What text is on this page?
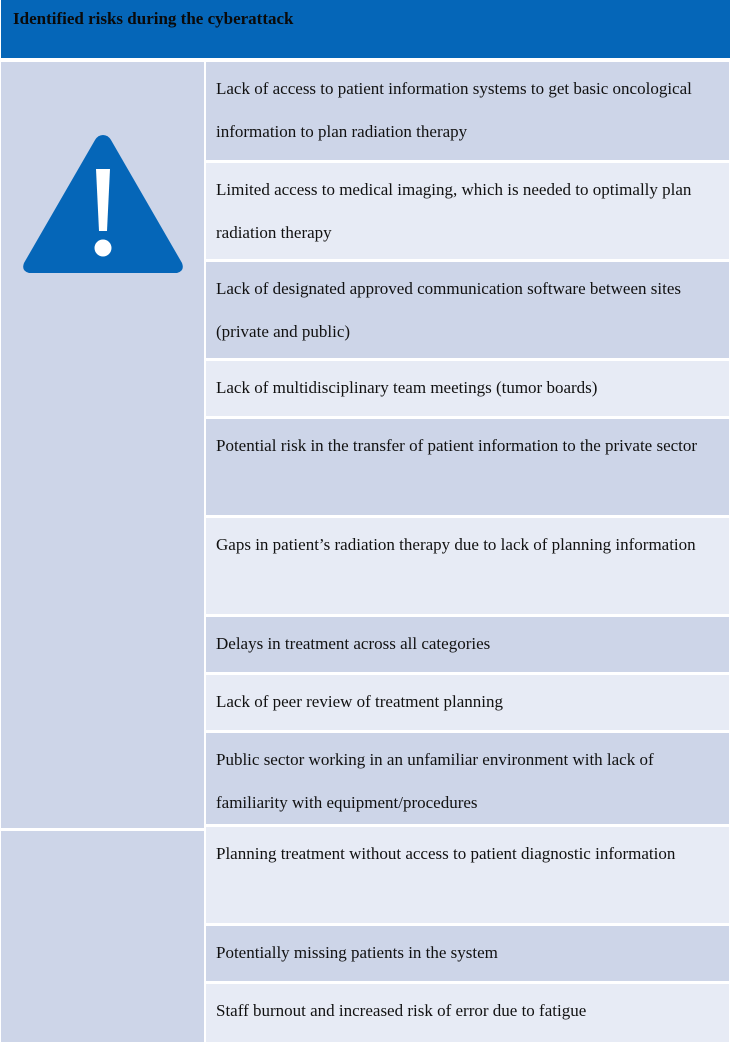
Identified risks during the cyberattack
Lack of access to patient information systems to get basic oncological information to plan radiation therapy
Limited access to medical imaging, which is needed to optimally plan radiation therapy
Lack of designated approved communication software between sites (private and public)
Lack of multidisciplinary team meetings (tumor boards)
Potential risk in the transfer of patient information to the private sector
Gaps in patient’s radiation therapy due to lack of planning information
Delays in treatment across all categories
Lack of peer review of treatment planning
Public sector working in an unfamiliar environment with lack of familiarity with equipment/procedures
Planning treatment without access to patient diagnostic information
Potentially missing patients in the system
Staff burnout and increased risk of error due to fatigue
